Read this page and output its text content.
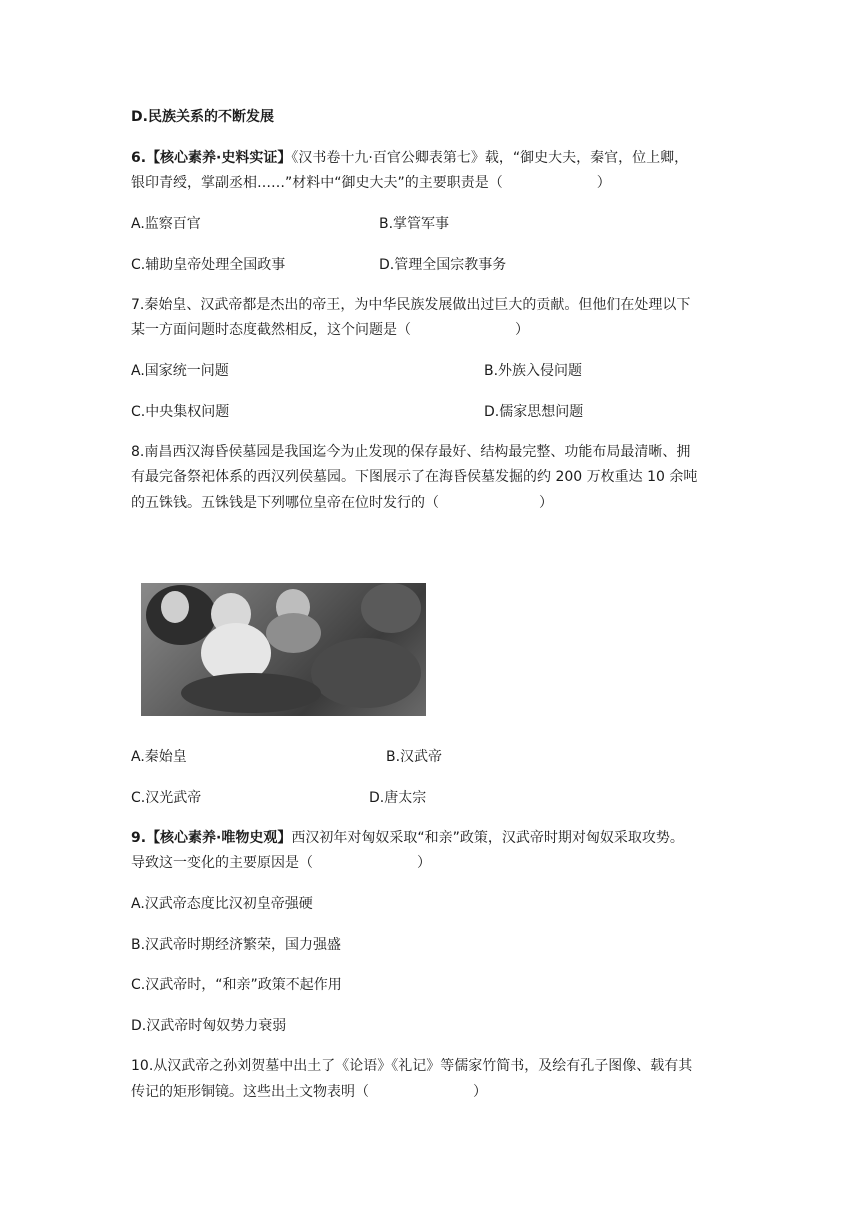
D.民族关系的不断发展
6.【核心素养·史料实证】《汉书卷十九·百官公卿表第七》载，“御史大夫，秦官，位上卿，
银印青绶，掌副丞相……”材料中“御史大夫”的主要职责是（	）
A.监察百官	B.掌管军事
C.辅助皇帝处理全国政事	D.管理全国宗教事务
7.秦始皇、汉武帝都是杰出的帝王，为中华民族发展做出过巨大的贡献。但他们在处理以下
某一方面问题时态度截然相反，这个问题是（	）
A.国家统一问题	B.外族入侵问题
C.中央集权问题	D.儒家思想问题
8.南昌西汉海昏侯墓园是我国迄今为止发现的保存最好、结构最完整、功能布局最清晰、拥
有最完备祭祀体系的西汉列侯墓园。下图展示了在海昏侯墓发掘的约 200 万枚重达 10 余吨
的五铢钱。五铢钱是下列哪位皇帝在位时发行的（	）
A.秦始皇	B.汉武帝
C.汉光武帝	D.唐太宗
9.【核心素养·唯物史观】西汉初年对匈奴采取“和亲”政策，汉武帝时期对匈奴采取攻势。
导致这一变化的主要原因是（	）
A.汉武帝态度比汉初皇帝强硬
B.汉武帝时期经济繁荣，国力强盛
C.汉武帝时，“和亲”政策不起作用
D.汉武帝时匈奴势力衰弱
10.从汉武帝之孙刘贺墓中出土了《论语》《礼记》等儒家竹简书，及绘有孔子图像、载有其
传记的矩形铜镜。这些出土文物表明（	）
